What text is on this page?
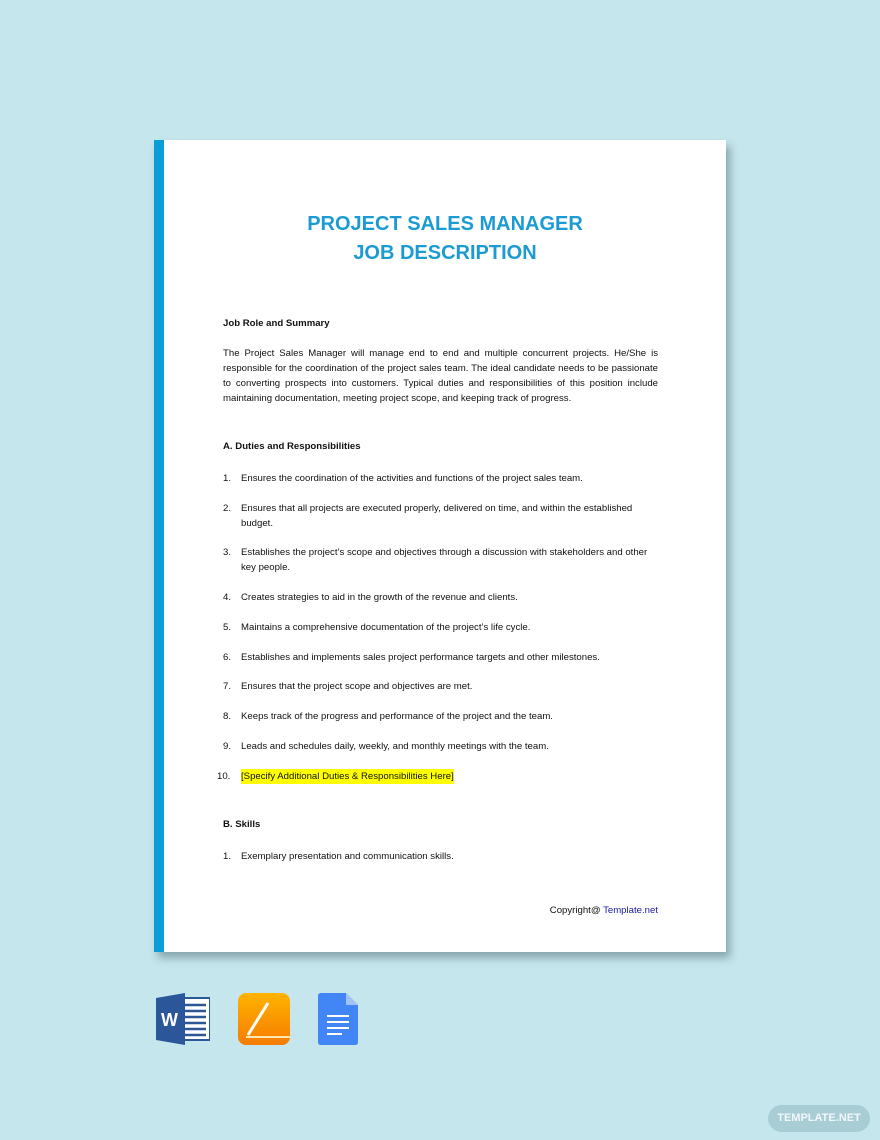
PROJECT SALES MANAGER
JOB DESCRIPTION
Job Role and Summary
The Project Sales Manager will manage end to end and multiple concurrent projects. He/She is responsible for the coordination of the project sales team. The ideal candidate needs to be passionate to converting prospects into customers. Typical duties and responsibilities of this position include maintaining documentation, meeting project scope, and keeping track of progress.
A. Duties and Responsibilities
1.	Ensures the coordination of the activities and functions of the project sales team.
2.	Ensures that all projects are executed properly, delivered on time, and within the established budget.
3.	Establishes the project’s scope and objectives through a discussion with stakeholders and other key people.
4.	Creates strategies to aid in the growth of the revenue and clients.
5.	Maintains a comprehensive documentation of the project’s life cycle.
6.	Establishes and implements sales project performance targets and other milestones.
7.	Ensures that the project scope and objectives are met.
8.	Keeps track of the progress and performance of the project and the team.
9.	Leads and schedules daily, weekly, and monthly meetings with the team.
10.	[Specify Additional Duties & Responsibilities Here]
B. Skills
1.	Exemplary presentation and communication skills.
Copyright@ Template.net
W
TEMPLATE.NET
